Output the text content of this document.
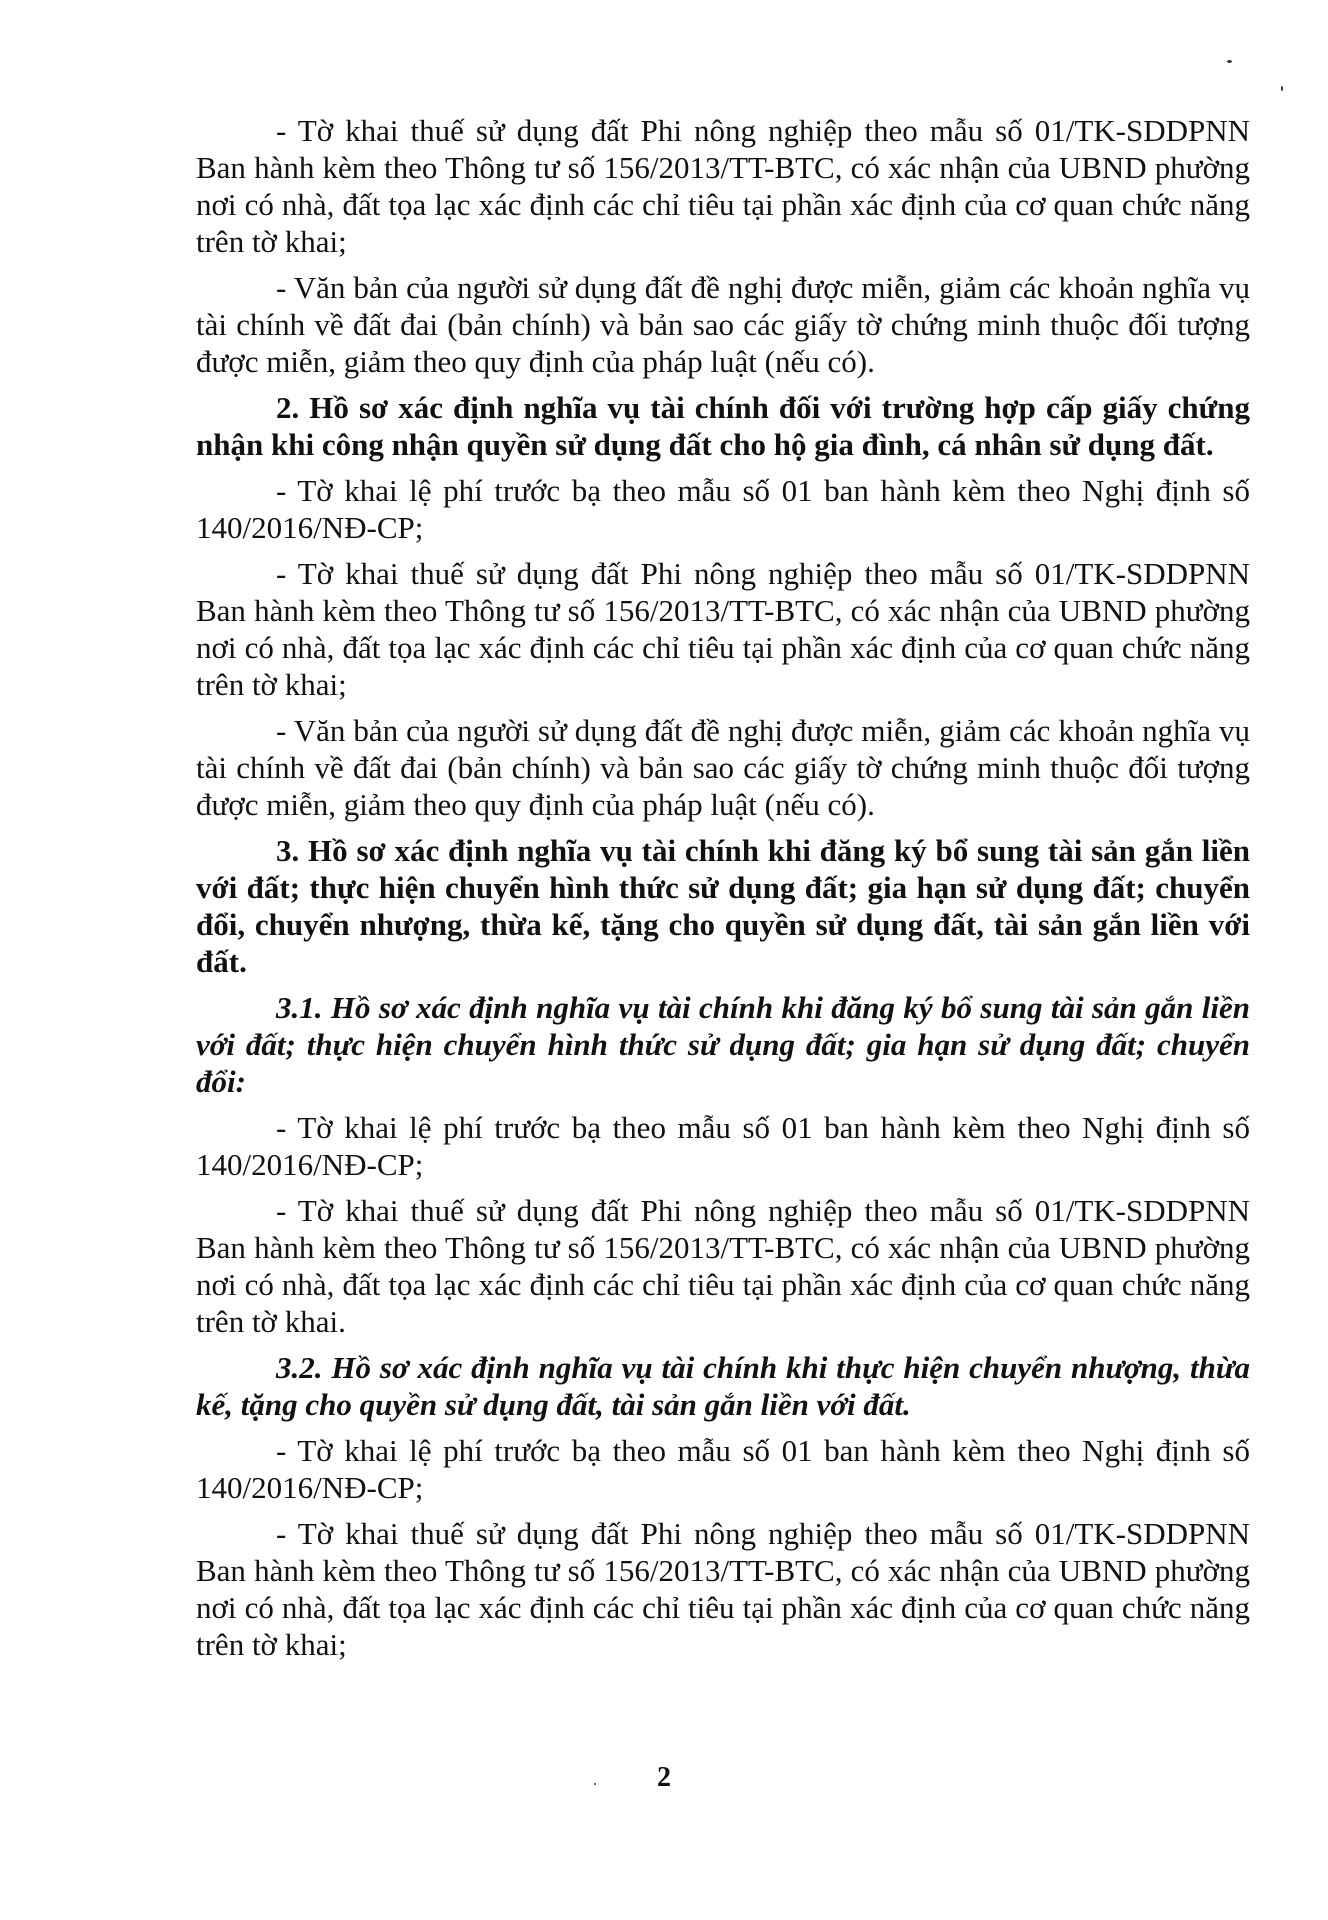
- Tờ khai thuế sử dụng đất Phi nông nghiệp theo mẫu số 01/TK-SDDPNN Ban hành kèm theo Thông tư số 156/2013/TT-BTC, có xác nhận của UBND phường nơi có nhà, đất tọa lạc xác định các chỉ tiêu tại phần xác định của cơ quan chức năng trên tờ khai;

- Văn bản của người sử dụng đất đề nghị được miễn, giảm các khoản nghĩa vụ tài chính về đất đai (bản chính) và bản sao các giấy tờ chứng minh thuộc đối tượng được miễn, giảm theo quy định của pháp luật (nếu có).

2. Hồ sơ xác định nghĩa vụ tài chính đối với trường hợp cấp giấy chứng nhận khi công nhận quyền sử dụng đất cho hộ gia đình, cá nhân sử dụng đất.

- Tờ khai lệ phí trước bạ theo mẫu số 01 ban hành kèm theo Nghị định số 140/2016/NĐ-CP;

- Tờ khai thuế sử dụng đất Phi nông nghiệp theo mẫu số 01/TK-SDDPNN Ban hành kèm theo Thông tư số 156/2013/TT-BTC, có xác nhận của UBND phường nơi có nhà, đất tọa lạc xác định các chỉ tiêu tại phần xác định của cơ quan chức năng trên tờ khai;

- Văn bản của người sử dụng đất đề nghị được miễn, giảm các khoản nghĩa vụ tài chính về đất đai (bản chính) và bản sao các giấy tờ chứng minh thuộc đối tượng được miễn, giảm theo quy định của pháp luật (nếu có).

3. Hồ sơ xác định nghĩa vụ tài chính khi đăng ký bổ sung tài sản gắn liền với đất; thực hiện chuyển hình thức sử dụng đất; gia hạn sử dụng đất; chuyển đổi, chuyển nhượng, thừa kế, tặng cho quyền sử dụng đất, tài sản gắn liền với đất.

3.1. Hồ sơ xác định nghĩa vụ tài chính khi đăng ký bổ sung tài sản gắn liền với đất; thực hiện chuyển hình thức sử dụng đất; gia hạn sử dụng đất; chuyển đổi:

- Tờ khai lệ phí trước bạ theo mẫu số 01 ban hành kèm theo Nghị định số 140/2016/NĐ-CP;

- Tờ khai thuế sử dụng đất Phi nông nghiệp theo mẫu số 01/TK-SDDPNN Ban hành kèm theo Thông tư số 156/2013/TT-BTC, có xác nhận của UBND phường nơi có nhà, đất tọa lạc xác định các chỉ tiêu tại phần xác định của cơ quan chức năng trên tờ khai.

3.2. Hồ sơ xác định nghĩa vụ tài chính khi thực hiện chuyển nhượng, thừa kế, tặng cho quyền sử dụng đất, tài sản gắn liền với đất.

- Tờ khai lệ phí trước bạ theo mẫu số 01 ban hành kèm theo Nghị định số 140/2016/NĐ-CP;

- Tờ khai thuế sử dụng đất Phi nông nghiệp theo mẫu số 01/TK-SDDPNN Ban hành kèm theo Thông tư số 156/2013/TT-BTC, có xác nhận của UBND phường nơi có nhà, đất tọa lạc xác định các chỉ tiêu tại phần xác định của cơ quan chức năng trên tờ khai;

2
